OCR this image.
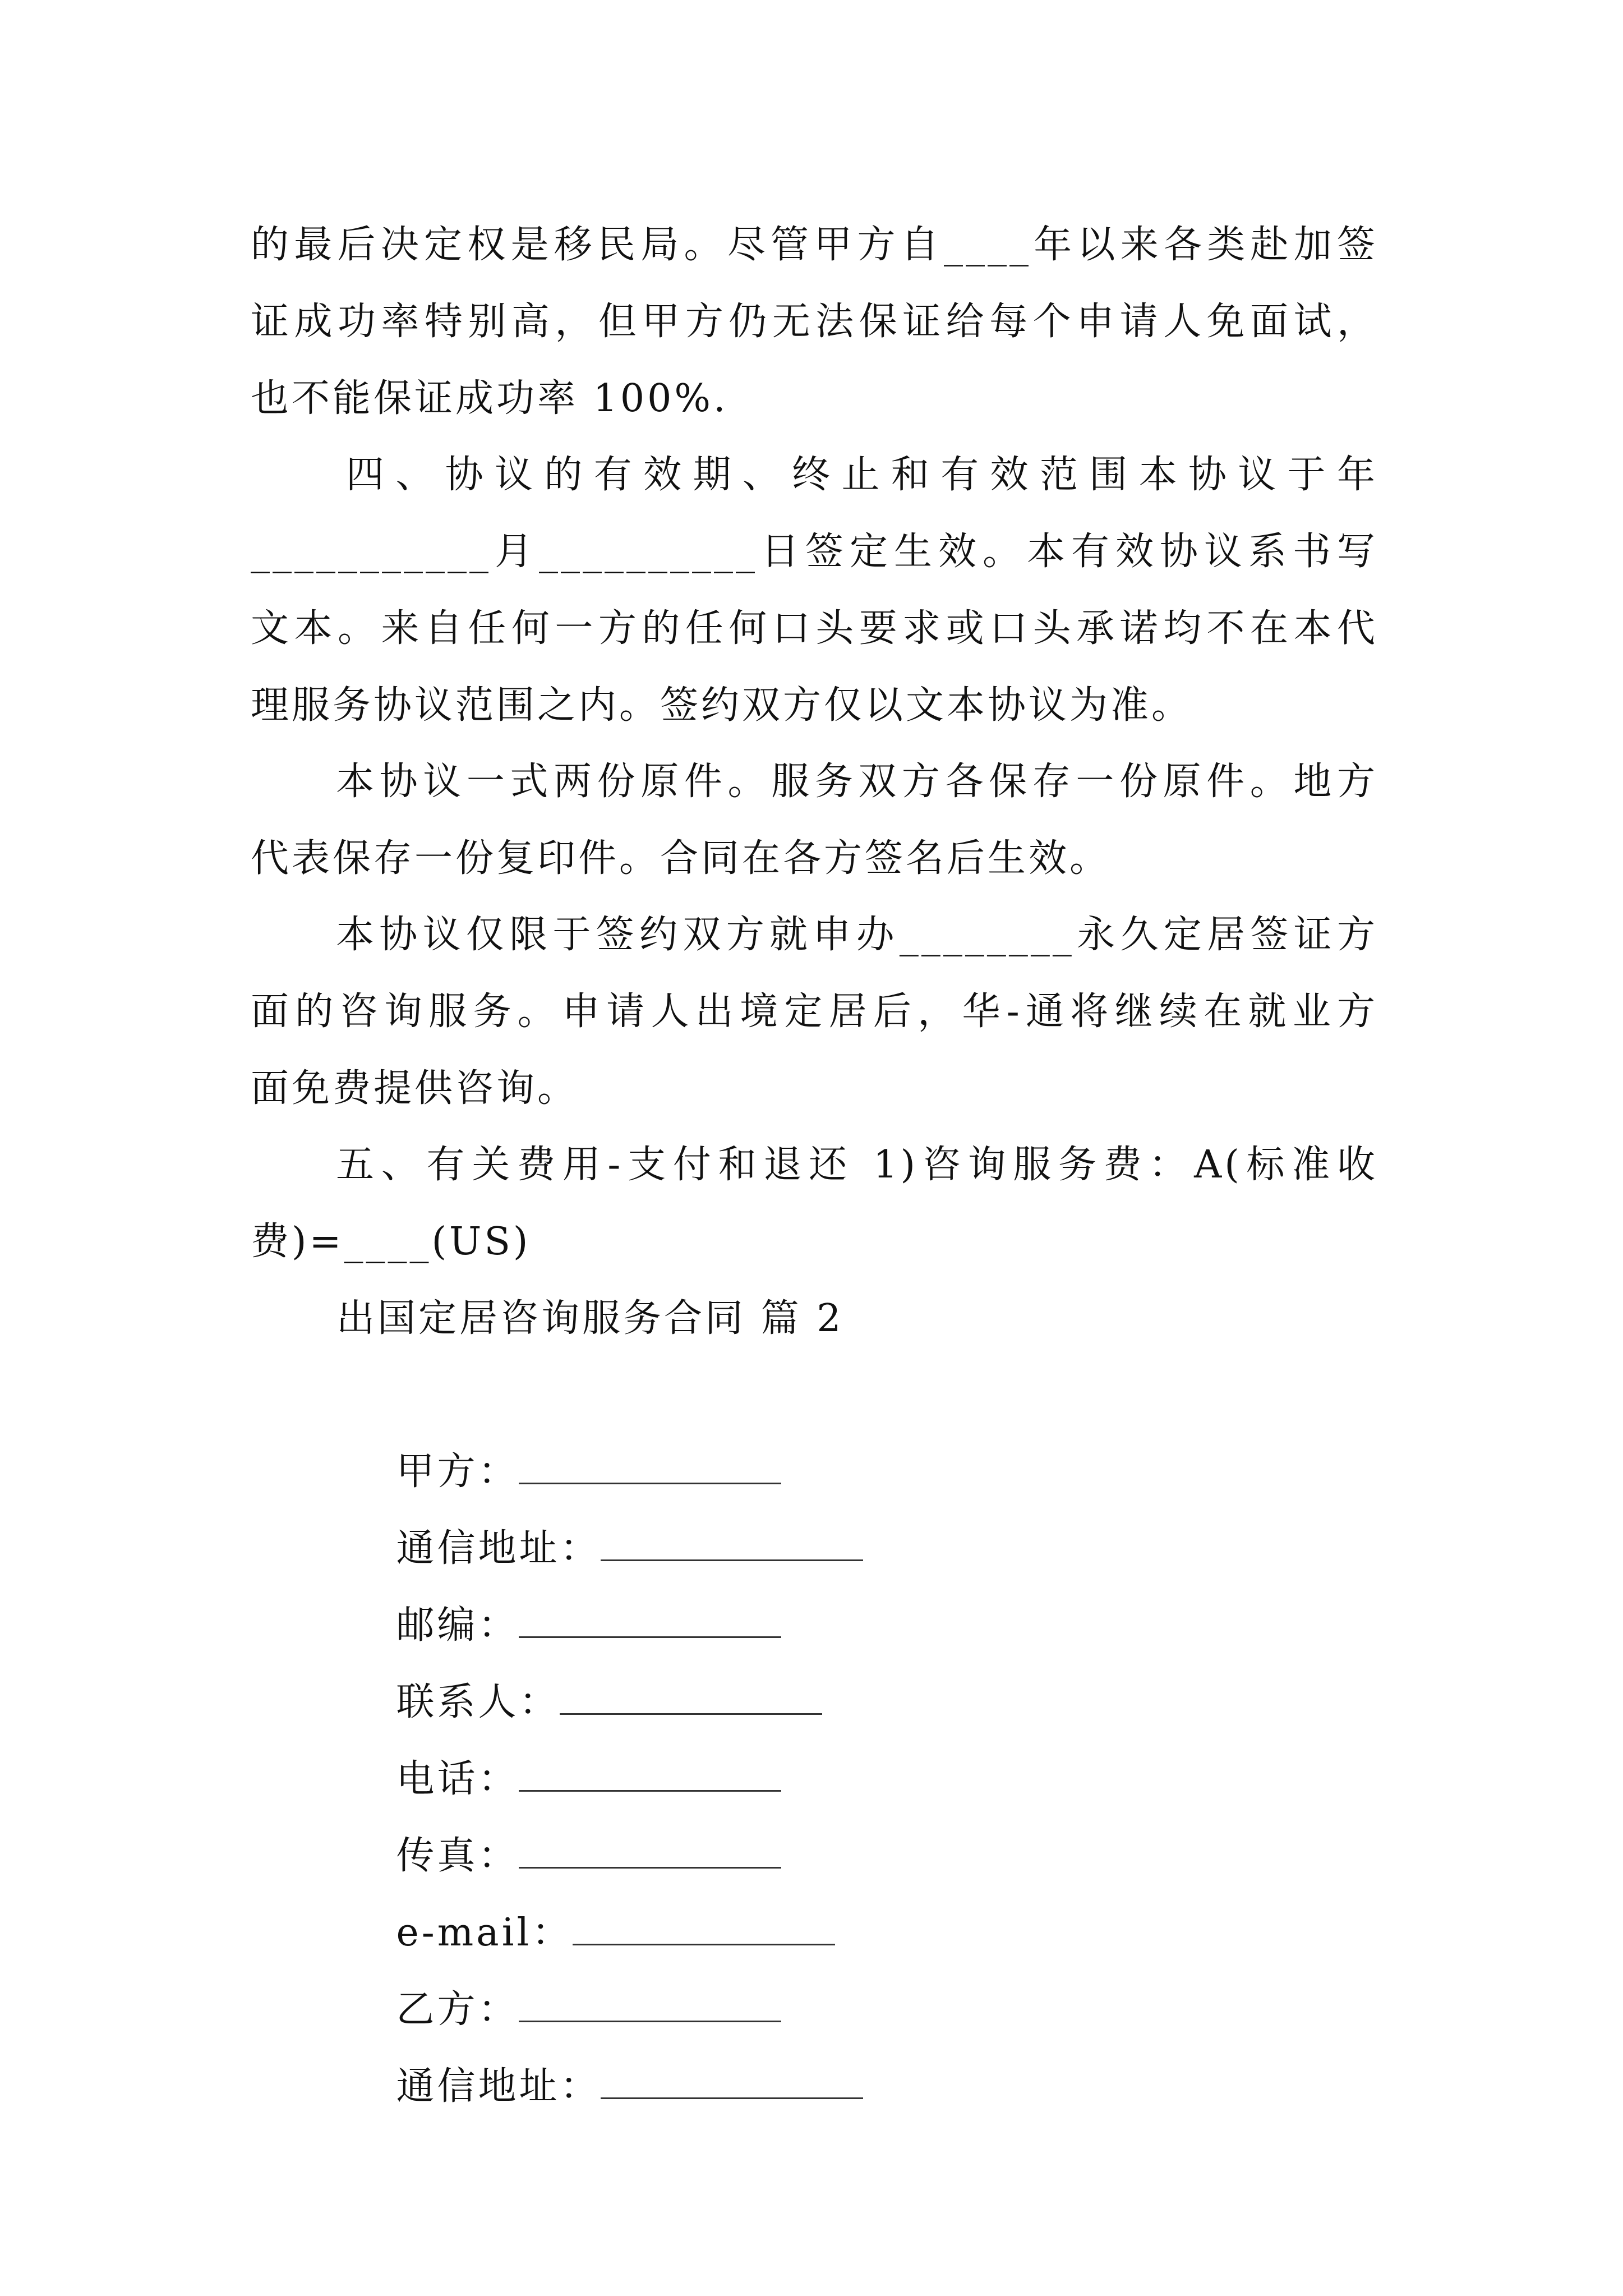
的最后决定权是移民局。尽管甲方自____年以来各类赴加签
证成功率特别高，但甲方仍无法保证给每个申请人免面试，
也不能保证成功率 100%.
四、协议的有效期、终止和有效范围本协议于年
___________月__________日签定生效。本有效协议系书写
文本。来自任何一方的任何口头要求或口头承诺均不在本代
理服务协议范围之内。签约双方仅以文本协议为准。
本协议一式两份原件。服务双方各保存一份原件。地方
代表保存一份复印件。合同在各方签名后生效。
本协议仅限于签约双方就申办________永久定居签证方
面的咨询服务。申请人出境定居后，华-通将继续在就业方
面免费提供咨询。
五、有关费用-支付和退还 1)咨询服务费：A(标准收
费)=____(US)
出国定居咨询服务合同 篇 2

甲方：

通信地址：

邮编：

联系人：

电话：

传真：

e-mail：

乙方：

通信地址：
